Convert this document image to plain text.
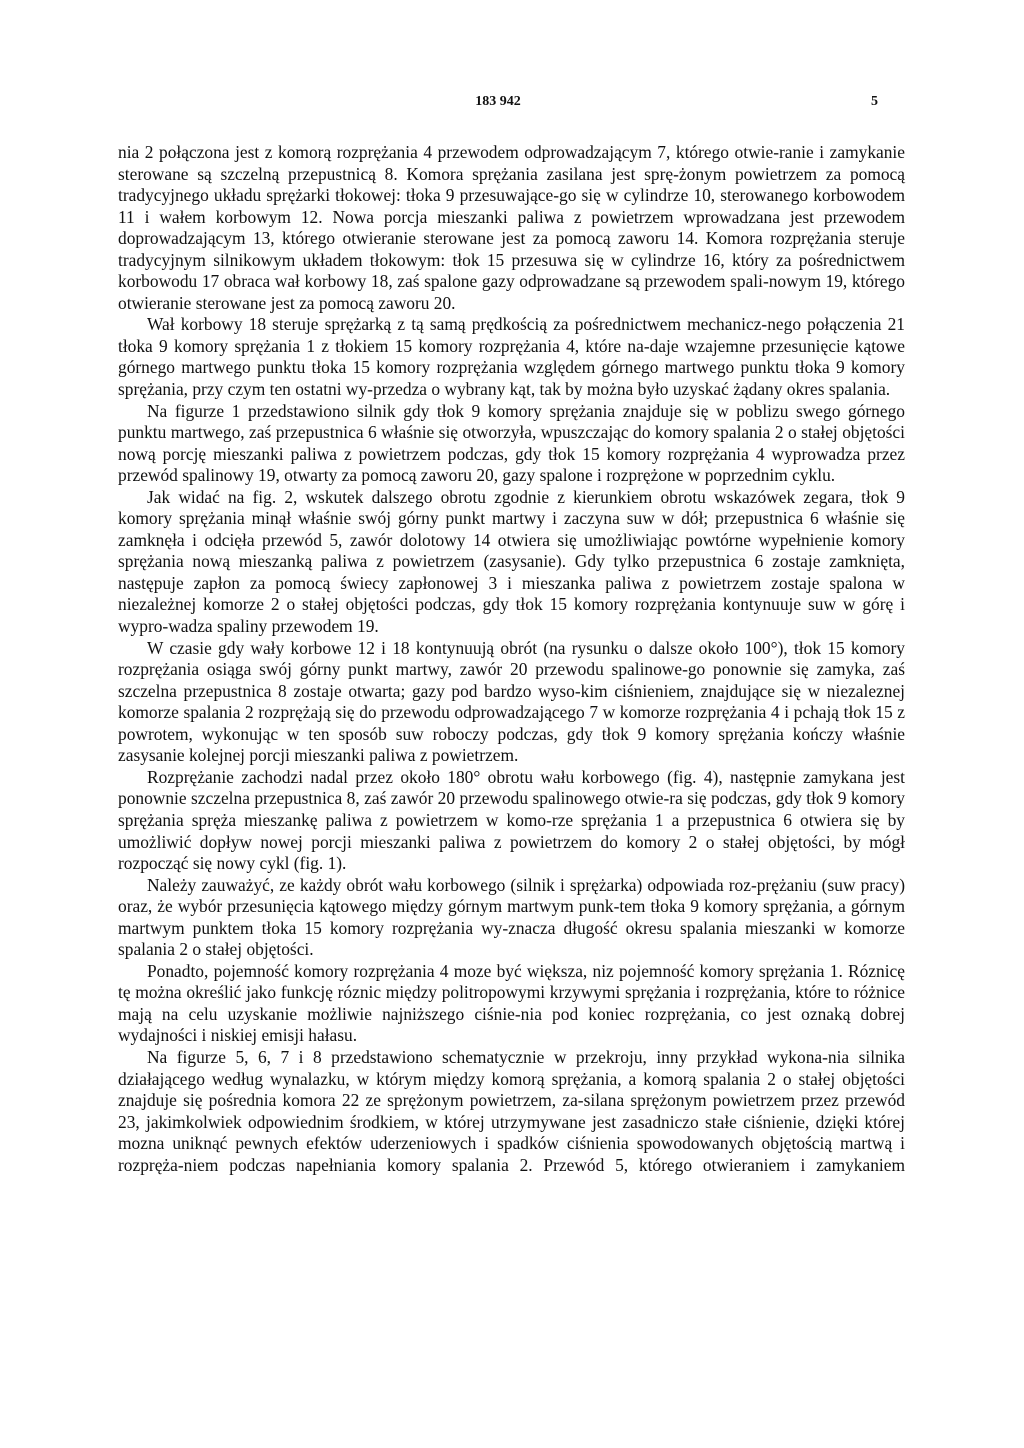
183 942	5

nia 2 połączona jest z komorą rozprężania 4 przewodem odprowadzającym 7, którego otwie-ranie i zamykanie sterowane są szczelną przepustnicą 8. Komora sprężania zasilana jest sprę-żonym powietrzem za pomocą tradycyjnego układu sprężarki tłokowej: tłoka 9 przesuwające-go się w cylindrze 10, sterowanego korbowodem 11 i wałem korbowym 12. Nowa porcja mieszanki paliwa z powietrzem wprowadzana jest przewodem doprowadzającym 13, którego otwieranie sterowane jest za pomocą zaworu 14. Komora rozprężania steruje tradycyjnym silnikowym układem tłokowym: tłok 15 przesuwa się w cylindrze 16, który za pośrednictwem korbowodu 17 obraca wał korbowy 18, zaś spalone gazy odprowadzane są przewodem spali-nowym 19, którego otwieranie sterowane jest za pomocą zaworu 20.

Wał korbowy 18 steruje sprężarką z tą samą prędkością za pośrednictwem mechanicz-nego połączenia 21 tłoka 9 komory sprężania 1 z tłokiem 15 komory rozprężania 4, które na-daje wzajemne przesunięcie kątowe górnego martwego punktu tłoka 15 komory rozprężania względem górnego martwego punktu tłoka 9 komory sprężania, przy czym ten ostatni wy-przedza o wybrany kąt, tak by można było uzyskać żądany okres spalania.

Na figurze 1 przedstawiono silnik gdy tłok 9 komory sprężania znajduje się w poblizu swego górnego punktu martwego, zaś przepustnica 6 właśnie się otworzyła, wpuszczając do komory spalania 2 o stałej objętości nową porcję mieszanki paliwa z powietrzem podczas, gdy tłok 15 komory rozprężania 4 wyprowadza przez przewód spalinowy 19, otwarty za pomocą zaworu 20, gazy spalone i rozprężone w poprzednim cyklu.

Jak widać na fig. 2, wskutek dalszego obrotu zgodnie z kierunkiem obrotu wskazówek zegara, tłok 9 komory sprężania minął właśnie swój górny punkt martwy i zaczyna suw w dół; przepustnica 6 właśnie się zamknęła i odcięła przewód 5, zawór dolotowy 14 otwiera się umożliwiając powtórne wypełnienie komory sprężania nową mieszanką paliwa z powietrzem (zasysanie). Gdy tylko przepustnica 6 zostaje zamknięta, następuje zapłon za pomocą świecy zapłonowej 3 i mieszanka paliwa z powietrzem zostaje spalona w niezależnej komorze 2 o stałej objętości podczas, gdy tłok 15 komory rozprężania kontynuuje suw w górę i wypro-wadza spaliny przewodem 19.

W czasie gdy wały korbowe 12 i 18 kontynuują obrót (na rysunku o dalsze około 100°), tłok 15 komory rozprężania osiąga swój górny punkt martwy, zawór 20 przewodu spalinowe-go ponownie się zamyka, zaś szczelna przepustnica 8 zostaje otwarta; gazy pod bardzo wyso-kim ciśnieniem, znajdujące się w niezaleznej komorze spalania 2 rozprężają się do przewodu odprowadzającego 7 w komorze rozprężania 4 i pchają tłok 15 z powrotem, wykonując w ten sposób suw roboczy podczas, gdy tłok 9 komory sprężania kończy właśnie zasysanie kolejnej porcji mieszanki paliwa z powietrzem.

Rozprężanie zachodzi nadal przez około 180° obrotu wału korbowego (fig. 4), następnie zamykana jest ponownie szczelna przepustnica 8, zaś zawór 20 przewodu spalinowego otwie-ra się podczas, gdy tłok 9 komory sprężania spręża mieszankę paliwa z powietrzem w komo-rze sprężania 1 a przepustnica 6 otwiera się by umożliwić dopływ nowej porcji mieszanki paliwa z powietrzem do komory 2 o stałej objętości, by mógł rozpocząć się nowy cykl (fig. 1).

Należy zauważyć, ze każdy obrót wału korbowego (silnik i sprężarka) odpowiada roz-prężaniu (suw pracy) oraz, że wybór przesunięcia kątowego między górnym martwym punk-tem tłoka 9 komory sprężania, a górnym martwym punktem tłoka 15 komory rozprężania wy-znacza długość okresu spalania mieszanki w komorze spalania 2 o stałej objętości.

Ponadto, pojemność komory rozprężania 4 moze być większa, niz pojemność komory sprężania 1. Róznicę tę można określić jako funkcję róznic między politropowymi krzywymi sprężania i rozprężania, które to różnice mają na celu uzyskanie możliwie najniższego ciśnie-nia pod koniec rozprężania, co jest oznaką dobrej wydajności i niskiej emisji hałasu.

Na figurze 5, 6, 7 i 8 przedstawiono schematycznie w przekroju, inny przykład wykona-nia silnika działającego według wynalazku, w którym między komorą sprężania, a komorą spalania 2 o stałej objętości znajduje się pośrednia komora 22 ze sprężonym powietrzem, za-silana sprężonym powietrzem przez przewód 23, jakimkolwiek odpowiednim środkiem, w której utrzymywane jest zasadniczo stałe ciśnienie, dzięki której mozna uniknąć pewnych efektów uderzeniowych i spadków ciśnienia spowodowanych objętością martwą i rozpręża-niem podczas napełniania komory spalania 2. Przewód 5, którego otwieraniem i zamykaniem
